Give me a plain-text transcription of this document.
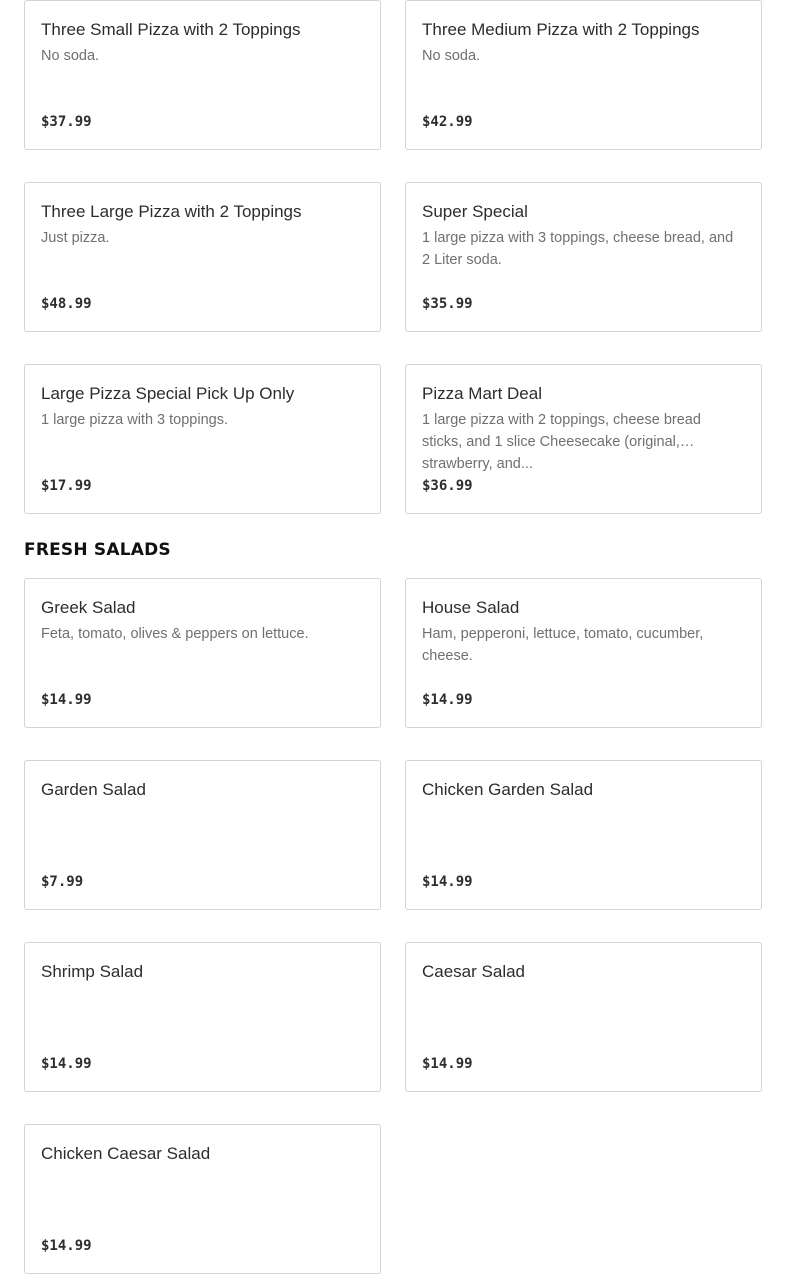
Three Small Pizza with 2 Toppings
No soda.
$37.99
Three Medium Pizza with 2 Toppings
No soda.
$42.99
Three Large Pizza with 2 Toppings
Just pizza.
$48.99
Super Special
1 large pizza with 3 toppings, cheese bread, and 2 Liter soda.
$35.99
Large Pizza Special Pick Up Only
1 large pizza with 3 toppings.
$17.99
Pizza Mart Deal
1 large pizza with 2 toppings, cheese bread sticks, and 1 slice Cheesecake (original, strawberry, and...
$36.99
FRESH SALADS
Greek Salad
Feta, tomato, olives & peppers on lettuce.
$14.99
House Salad
Ham, pepperoni, lettuce, tomato, cucumber, cheese.
$14.99
Garden Salad
$7.99
Chicken Garden Salad
$14.99
Shrimp Salad
$14.99
Caesar Salad
$14.99
Chicken Caesar Salad
$14.99
